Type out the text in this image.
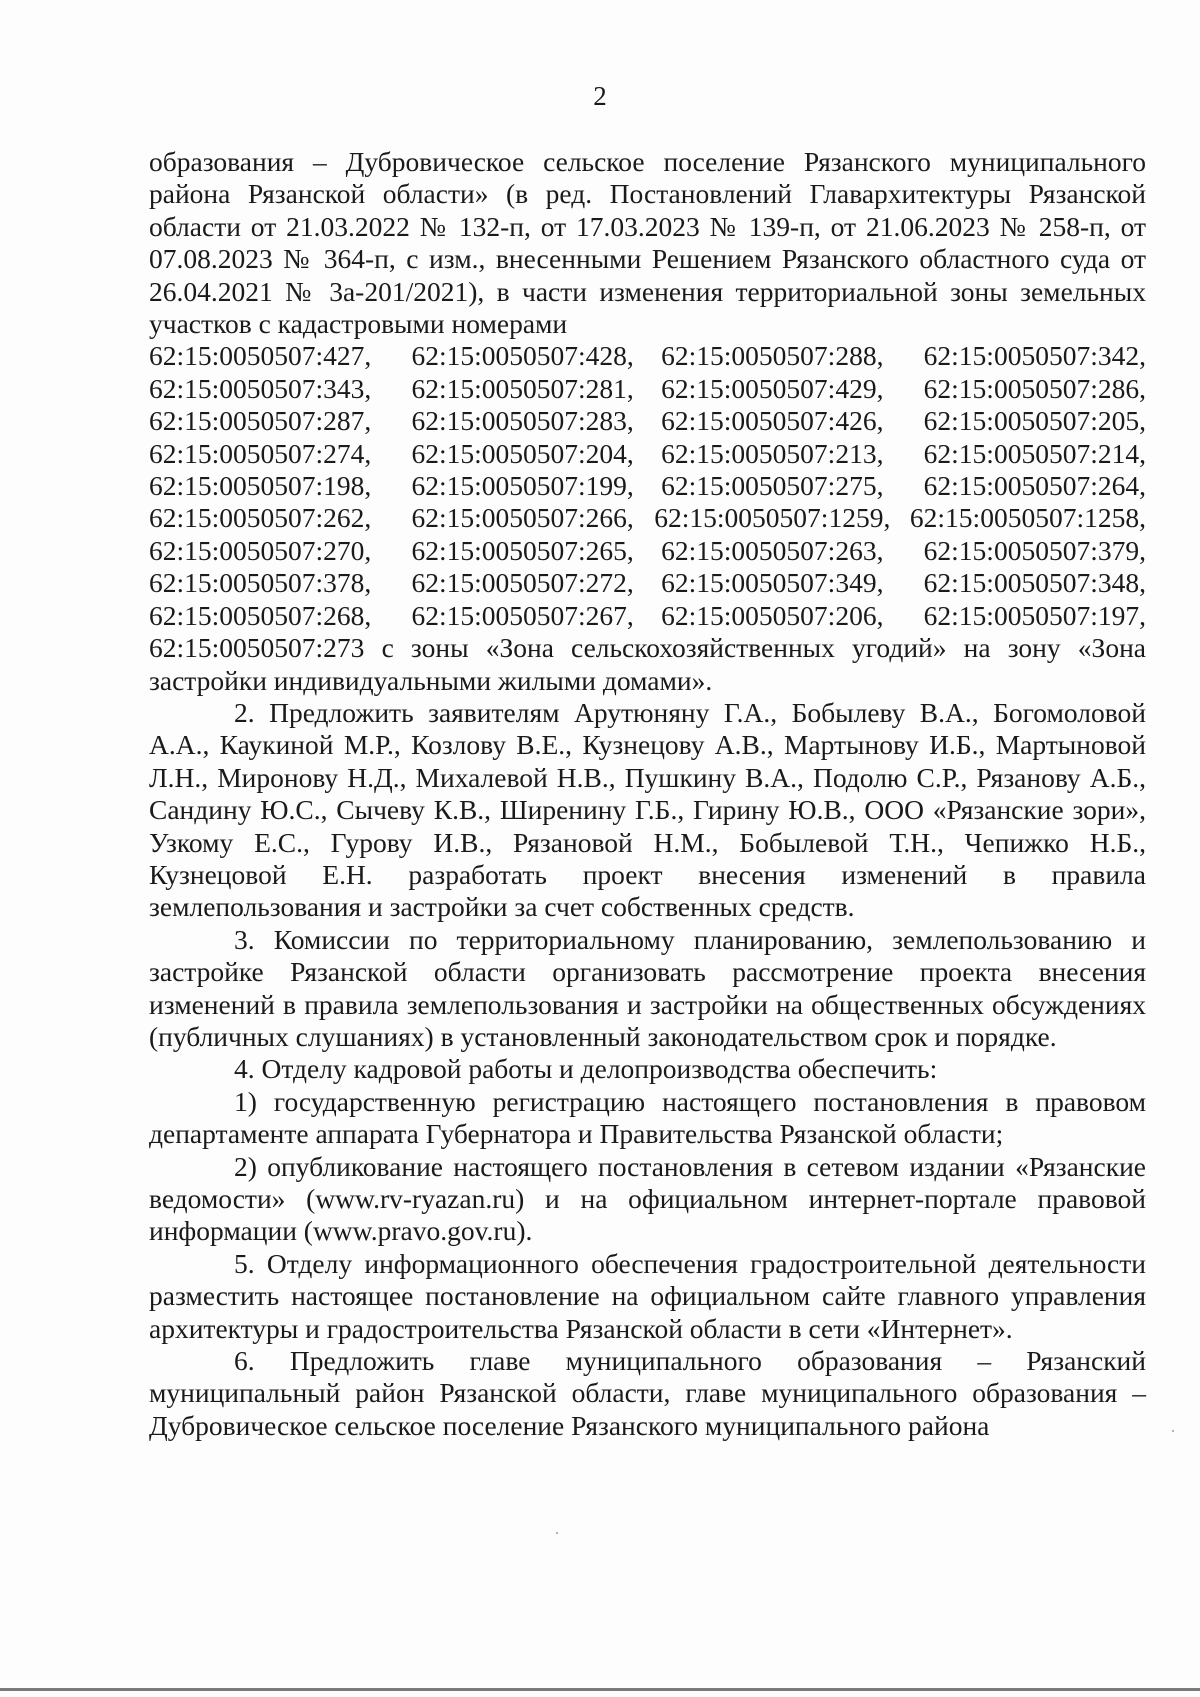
2

образования – Дубровическое сельское поселение Рязанского муниципального района Рязанской области» (в ред. Постановлений Главархитектуры Рязанской области от 21.03.2022 № 132-п, от 17.03.2023 № 139-п, от 21.06.2023 № 258-п, от 07.08.2023 № 364-п, с изм., внесенными Решением Рязанского областного суда от 26.04.2021 № 3а-201/2021), в части изменения территориальной зоны земельных участков с кадастровыми номерами

62:15:0050507:427,	62:15:0050507:428, 62:15:0050507:288,	62:15:0050507:342,
62:15:0050507:343,	62:15:0050507:281, 62:15:0050507:429,	62:15:0050507:286,
62:15:0050507:287,	62:15:0050507:283, 62:15:0050507:426,	62:15:0050507:205,
62:15:0050507:274,	62:15:0050507:204, 62:15:0050507:213,	62:15:0050507:214,
62:15:0050507:198,	62:15:0050507:199, 62:15:0050507:275,	62:15:0050507:264,
62:15:0050507:262,	62:15:0050507:266, 62:15:0050507:1259, 62:15:0050507:1258,
62:15:0050507:270,	62:15:0050507:265, 62:15:0050507:263,	62:15:0050507:379,
62:15:0050507:378,	62:15:0050507:272, 62:15:0050507:349,	62:15:0050507:348,
62:15:0050507:268,	62:15:0050507:267, 62:15:0050507:206,	62:15:0050507:197,

62:15:0050507:273 с зоны «Зона сельскохозяйственных угодий» на зону «Зона застройки индивидуальными жилыми домами».

2. Предложить заявителям Арутюняну Г.А., Бобылеву В.А., Богомоловой А.А., Каукиной М.Р., Козлову В.Е., Кузнецову А.В., Мартынову И.Б., Мартыновой Л.Н., Миронову Н.Д., Михалевой Н.В., Пушкину В.А., Подолю С.Р., Рязанову А.Б., Сандину Ю.С., Сычеву К.В., Ширенину Г.Б., Гирину Ю.В., ООО «Рязанские зори», Узкому Е.С., Гурову И.В., Рязановой Н.М., Бобылевой Т.Н., Чепижко Н.Б., Кузнецовой Е.Н. разработать проект внесения изменений в правила землепользования и застройки за счет собственных средств.

3. Комиссии по территориальному планированию, землепользованию и застройке Рязанской области организовать рассмотрение проекта внесения изменений в правила землепользования и застройки на общественных обсуждениях (публичных слушаниях) в установленный законодательством срок и порядке.

4. Отделу кадровой работы и делопроизводства обеспечить:

1) государственную регистрацию настоящего постановления в правовом департаменте аппарата Губернатора и Правительства Рязанской области;

2) опубликование настоящего постановления в сетевом издании «Рязанские ведомости» (www.rv-ryazan.ru) и на официальном интернет-портале правовой информации (www.pravo.gov.ru).

5. Отделу информационного обеспечения градостроительной деятельности разместить настоящее постановление на официальном сайте главного управления архитектуры и градостроительства Рязанской области в сети «Интернет».

6. Предложить главе муниципального образования – Рязанский муниципальный район Рязанской области, главе муниципального образования – Дубровическое сельское поселение Рязанского муниципального района
